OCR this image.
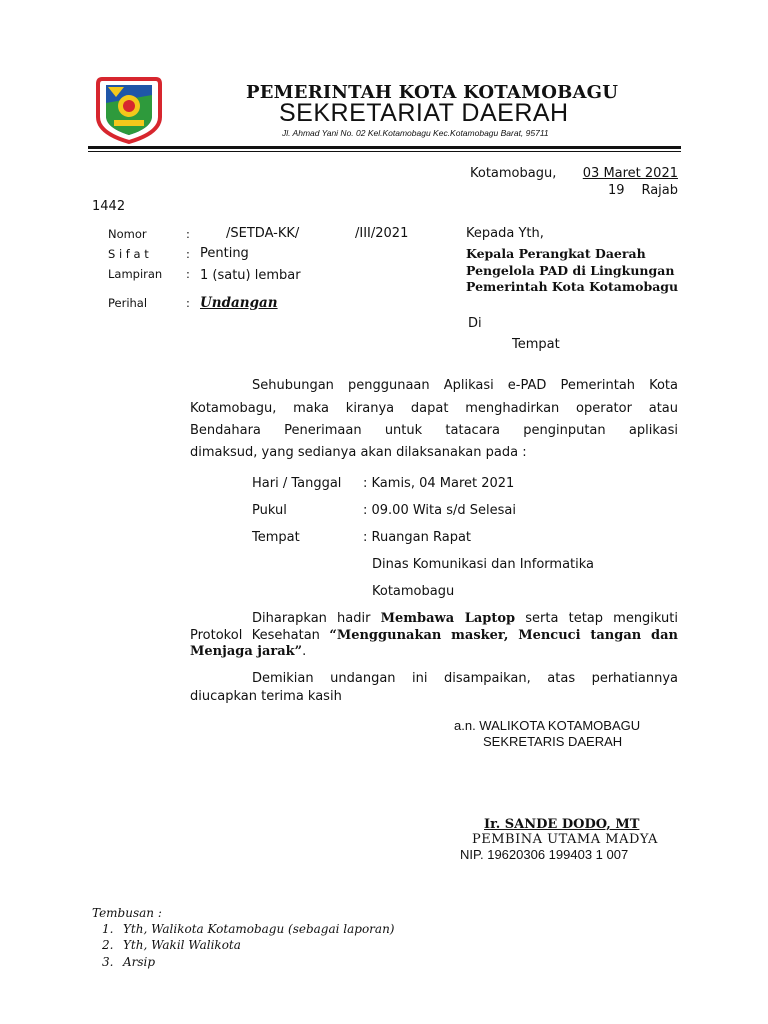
PEMERINTAH KOTA KOTAMOBAGU
SEKRETARIAT DAERAH
Jl. Ahmad Yani No. 02 Kel.Kotamobagu Kec.Kotamobagu Barat, 95711
Kotamobagu,	03 Maret 2021
19 Rajab
1442
Nomor	:	/SETDA-KK/	/III/2021
S i f a t	: Penting
Lampiran : 1 (satu) lembar
Perihal	: Undangan
Kepada Yth,
Kepala Perangkat Daerah
Pengelola PAD di Lingkungan
Pemerintah Kota Kotamobagu
Di
Tempat
Sehubungan penggunaan Aplikasi e-PAD Pemerintah Kota
Kotamobagu, maka kiranya dapat menghadirkan operator atau
Bendahara Penerimaan untuk tatacara penginputan aplikasi
dimaksud, yang sedianya akan dilaksanakan pada :
Hari / Tanggal : Kamis, 04 Maret 2021
Pukul	: 09.00 Wita s/d Selesai
Tempat	: Ruangan Rapat
Dinas Komunikasi dan Informatika
Kotamobagu
Diharapkan hadir Membawa Laptop serta tetap mengikuti
Protokol Kesehatan “Menggunakan masker, Mencuci tangan dan
Menjaga jarak”.
Demikian undangan ini disampaikan, atas perhatiannya
diucapkan terima kasih
a.n. WALIKOTA KOTAMOBAGU
SEKRETARIS DAERAH
Ir. SANDE DODO, MT
PEMBINA UTAMA MADYA
NIP. 19620306 199403 1 007
Tembusan :
1. Yth, Walikota Kotamobagu (sebagai laporan)
2. Yth, Wakil Walikota
3. Arsip
